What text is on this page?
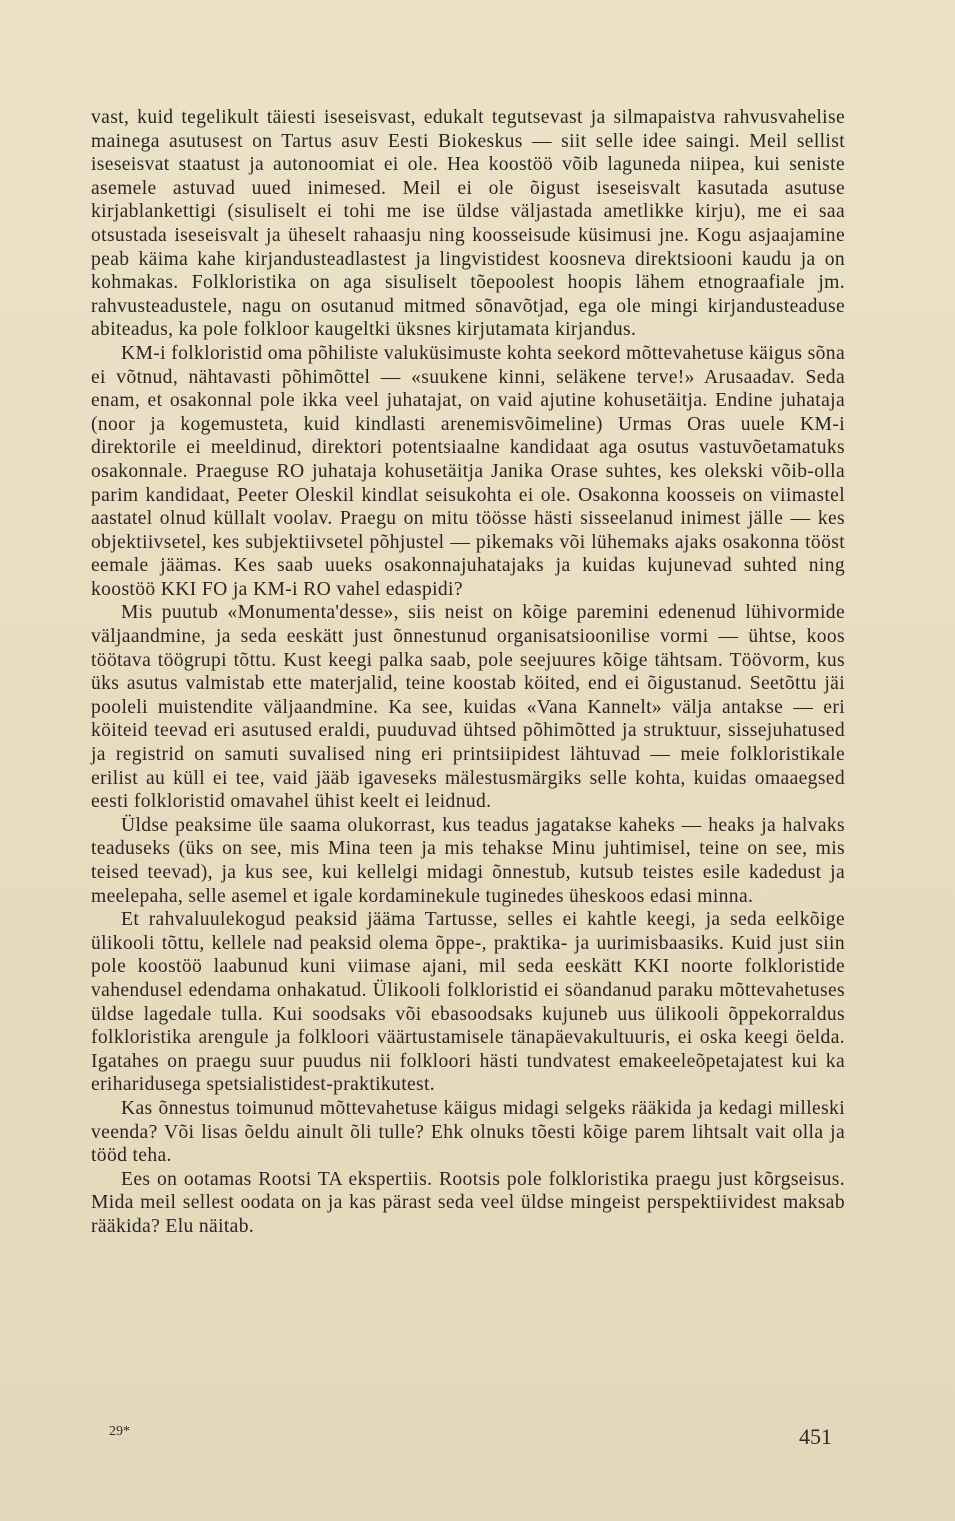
vast, kuid tegelikult täiesti iseseisvast, edukalt tegutsevast ja silmapaistva rahvusvahelise mainega asutusest on Tartus asuv Eesti Biokeskus — siit selle idee saingi. Meil sellist iseseisvat staatust ja autonoomiat ei ole. Hea koostöö võib laguneda niipea, kui seniste asemele astuvad uued inimesed. Meil ei ole õigust iseseisvalt kasutada asutuse kirjablankettigi (sisuliselt ei tohi me ise üldse väljastada ametlikke kirju), me ei saa otsustada iseseisvalt ja üheselt rahaasju ning koosseisude küsimusi jne. Kogu asjaajamine peab käima kahe kirjandusteadlastest ja lingvistidest koosneva direktsiooni kaudu ja on kohmakas. Folkloristika on aga sisuliselt tõepoolest hoopis lähem etnograafiale jm. rahvusteadustele, nagu on osutanud mitmed sõnavõtjad, ega ole mingi kirjandusteaduse abiteadus, ka pole folkloor kaugeltki üksnes kirjutamata kirjandus.

KM-i folkloristid oma põhiliste valuküsimuste kohta seekord mõttevahetuse käigus sõna ei võtnud, nähtavasti põhimõttel — «suukene kinni, seläkene terve!» Arusaadav. Seda enam, et osakonnal pole ikka veel juhatajat, on vaid ajutine kohusetäitja. Endine juhataja (noor ja kogemusteta, kuid kindlasti arenemisvõimeline) Urmas Oras uuele KM-i direktorile ei meeldinud, direktori potentsiaalne kandidaat aga osutus vastuvõetamatuks osakonnale. Praeguse RO juhataja kohusetäitja Janika Orase suhtes, kes olekski võib-olla parim kandidaat, Peeter Oleskil kindlat seisukohta ei ole. Osakonna koosseis on viimastel aastatel olnud küllalt voolav. Praegu on mitu töösse hästi sisseelanud inimest jälle — kes objektiivsetel, kes subjektiivsetel põhjustel — pikemaks või lühemaks ajaks osakonna tööst eemale jäämas. Kes saab uueks osakonnajuhatajaks ja kuidas kujunevad suhted ning koostöö KKI FO ja KM-i RO vahel edaspidi?

Mis puutub «Monumenta'desse», siis neist on kõige paremini edenenud lühivormide väljaandmine, ja seda eeskätt just õnnestunud organisatsioonilise vormi — ühtse, koos töötava töögrupi tõttu. Kust keegi palka saab, pole seejuures kõige tähtsam. Töövorm, kus üks asutus valmistab ette materjalid, teine koostab köited, end ei õigustanud. Seetõttu jäi pooleli muistendite väljaandmine. Ka see, kuidas «Vana Kannelt» välja antakse — eri köiteid teevad eri asutused eraldi, puuduvad ühtsed põhimõtted ja struktuur, sissejuhatused ja registrid on samuti suvalised ning eri printsiipidest lähtuvad — meie folkloristikale erilist au küll ei tee, vaid jääb igaveseks mälestusmärgiks selle kohta, kuidas omaaegsed eesti folkloristid omavahel ühist keelt ei leidnud.

Üldse peaksime üle saama olukorrast, kus teadus jagatakse kaheks — heaks ja halvaks teaduseks (üks on see, mis Mina teen ja mis tehakse Minu juhtimisel, teine on see, mis teised teevad), ja kus see, kui kellelgi midagi õnnestub, kutsub teistes esile kadedust ja meelepaha, selle asemel et igale kordaminekule tuginedes üheskoos edasi minna.

Et rahvaluulekogud peaksid jääma Tartusse, selles ei kahtle keegi, ja seda eelkõige ülikooli tõttu, kellele nad peaksid olema õppe-, praktika- ja uurimisbaasiks. Kuid just siin pole koostöö laabunud kuni viimase ajani, mil seda eeskätt KKI noorte folkloristide vahendusel edendama onhakatud. Ülikooli folkloristid ei söandanud paraku mõttevahetuses üldse lagedale tulla. Kui soodsaks või ebasoodsaks kujuneb uus ülikooli õppekorraldus folkloristika arengule ja folkloori väärtustamisele tänapäevakultuuris, ei oska keegi öelda. Igatahes on praegu suur puudus nii folkloori hästi tundvatest emakeeleõpetajatest kui ka eriharidusega spetsialistidest-praktikutest.

Kas õnnestus toimunud mõttevahetuse käigus midagi selgeks rääkida ja kedagi milleski veenda? Või lisas õeldu ainult õli tulle? Ehk olnuks tõesti kõige parem lihtsalt vait olla ja tööd teha.

Ees on ootamas Rootsi TA ekspertiis. Rootsis pole folkloristika praegu just kõrgseisus. Mida meil sellest oodata on ja kas pärast seda veel üldse mingeist perspektiividest maksab rääkida? Elu näitab.

29*	451
